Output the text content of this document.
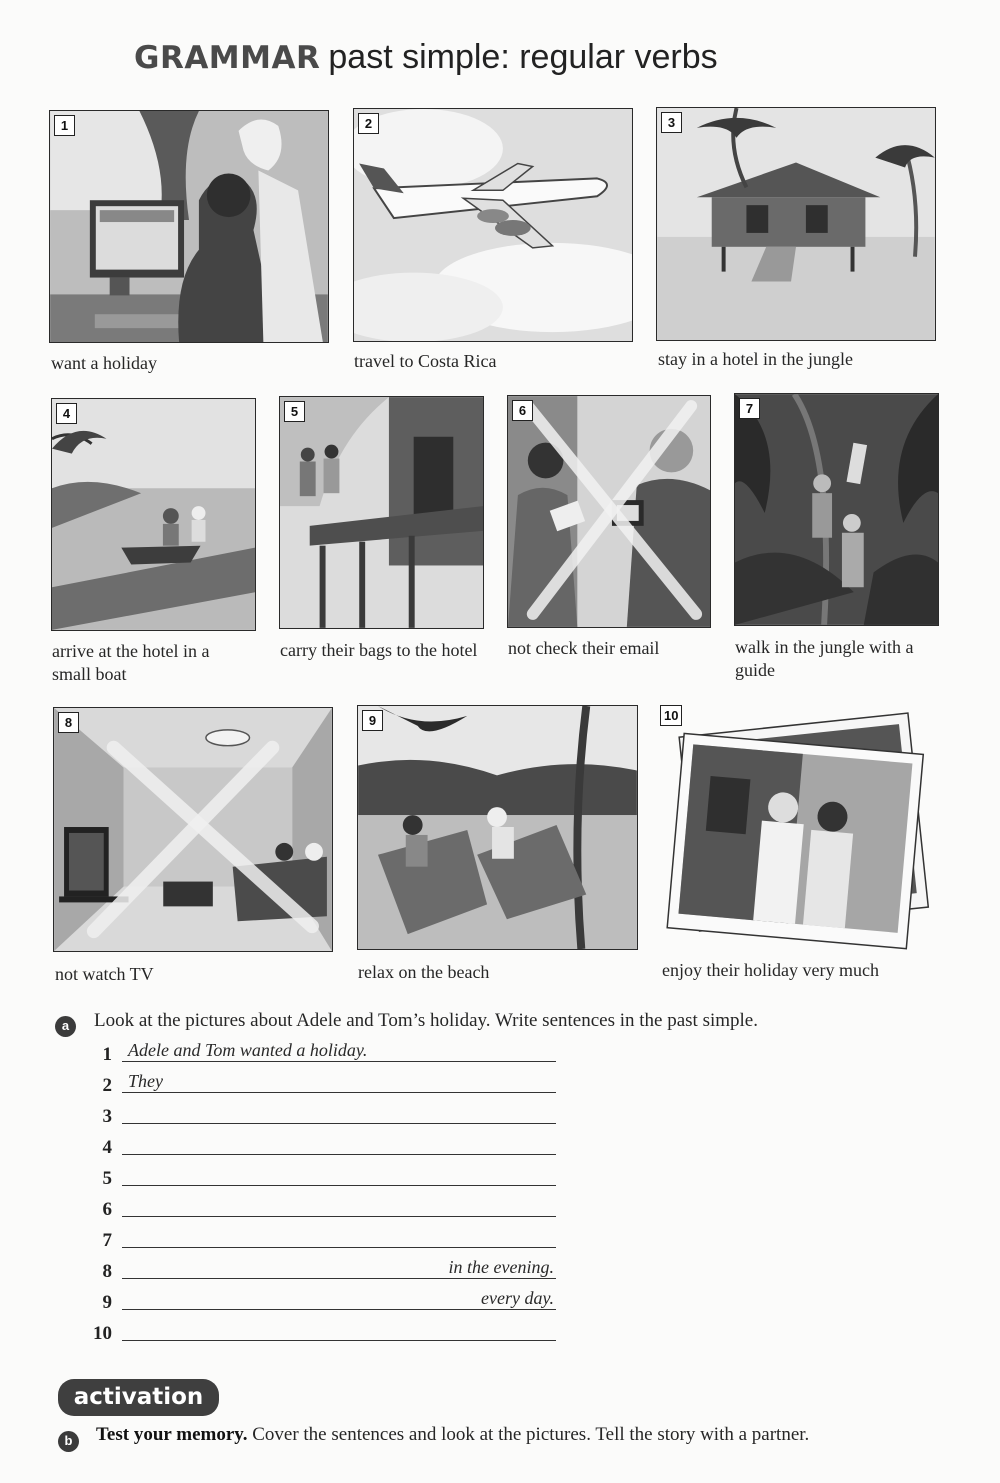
GRAMMAR past simple: regular verbs
1
want a holiday
2
travel to Costa Rica
3
stay in a hotel in the jungle
4
arrive at the hotel in a small boat
5
carry their bags to the hotel
6
not check their email
7
walk in the jungle with a guide
8
not watch TV
9
relax on the beach
10
enjoy their holiday very much
a	Look at the pictures about Adele and Tom’s holiday. Write sentences in the past simple.
1 Adele and Tom wanted a holiday.
2 They
3
4
5
6
7
8	in the evening.
9	every day.
10
activation
b	Test your memory. Cover the sentences and look at the pictures. Tell the story with a partner.
